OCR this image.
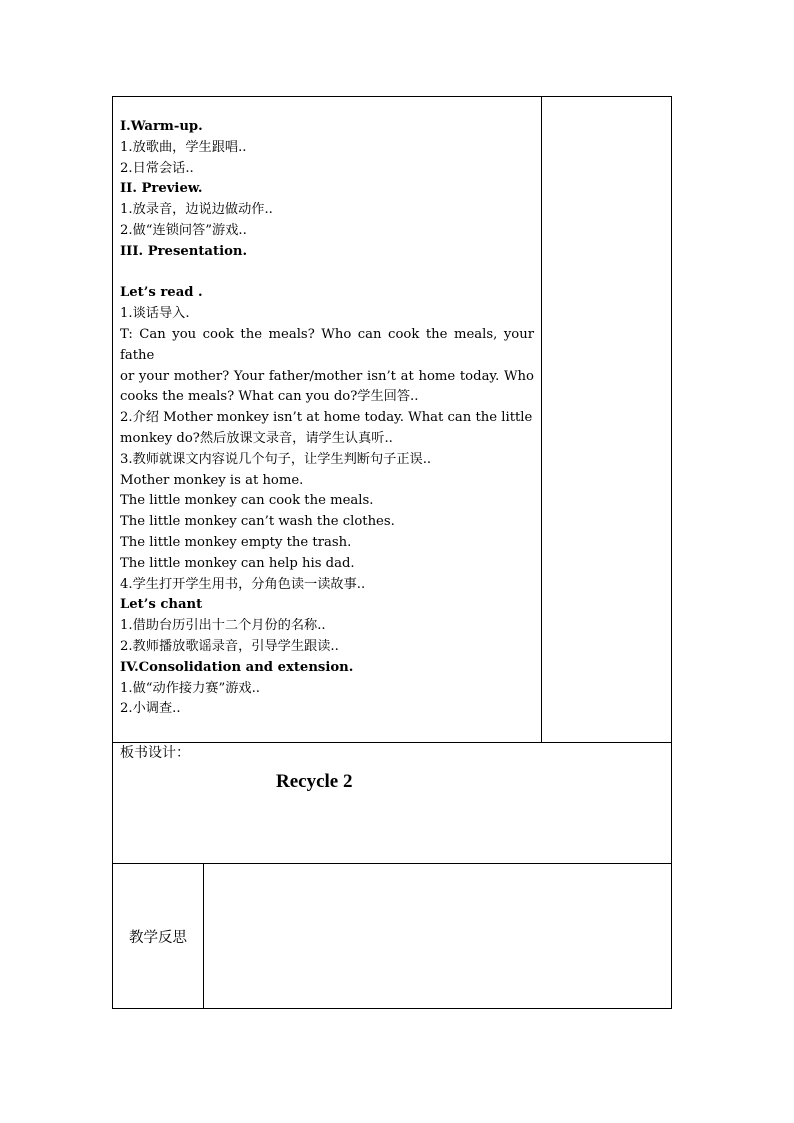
I.Warm-up.

1.放歌曲，学生跟唱..

2.日常会话..

II. Preview.

1.放录音，边说边做动作..

2.做“连锁问答”游戏..

III. Presentation.

Let’s read .

1.谈话导入.

T: Can you cook the meals? Who can cook the meals, your fathe

or your mother? Your father/mother isn’t at home today. Who cooks the meals? What can you do?学生回答..

2.介绍 Mother monkey isn’t at home today. What can the little monkey do?然后放课文录音，请学生认真听..

3.教师就课文内容说几个句子，让学生判断句子正误..

Mother monkey is at home.

The little monkey can cook the meals.

The little monkey can’t wash the clothes.

The little monkey empty the trash.

The little monkey can help his dad.

4.学生打开学生用书，分角色读一读故事..

Let’s chant

1.借助台历引出十二个月份的名称..

2.教师播放歌谣录音，引导学生跟读..

IV.Consolidation and extension.

1.做“动作接力赛”游戏..

2.小调查..

板书设计：
Recycle 2
教学反思
